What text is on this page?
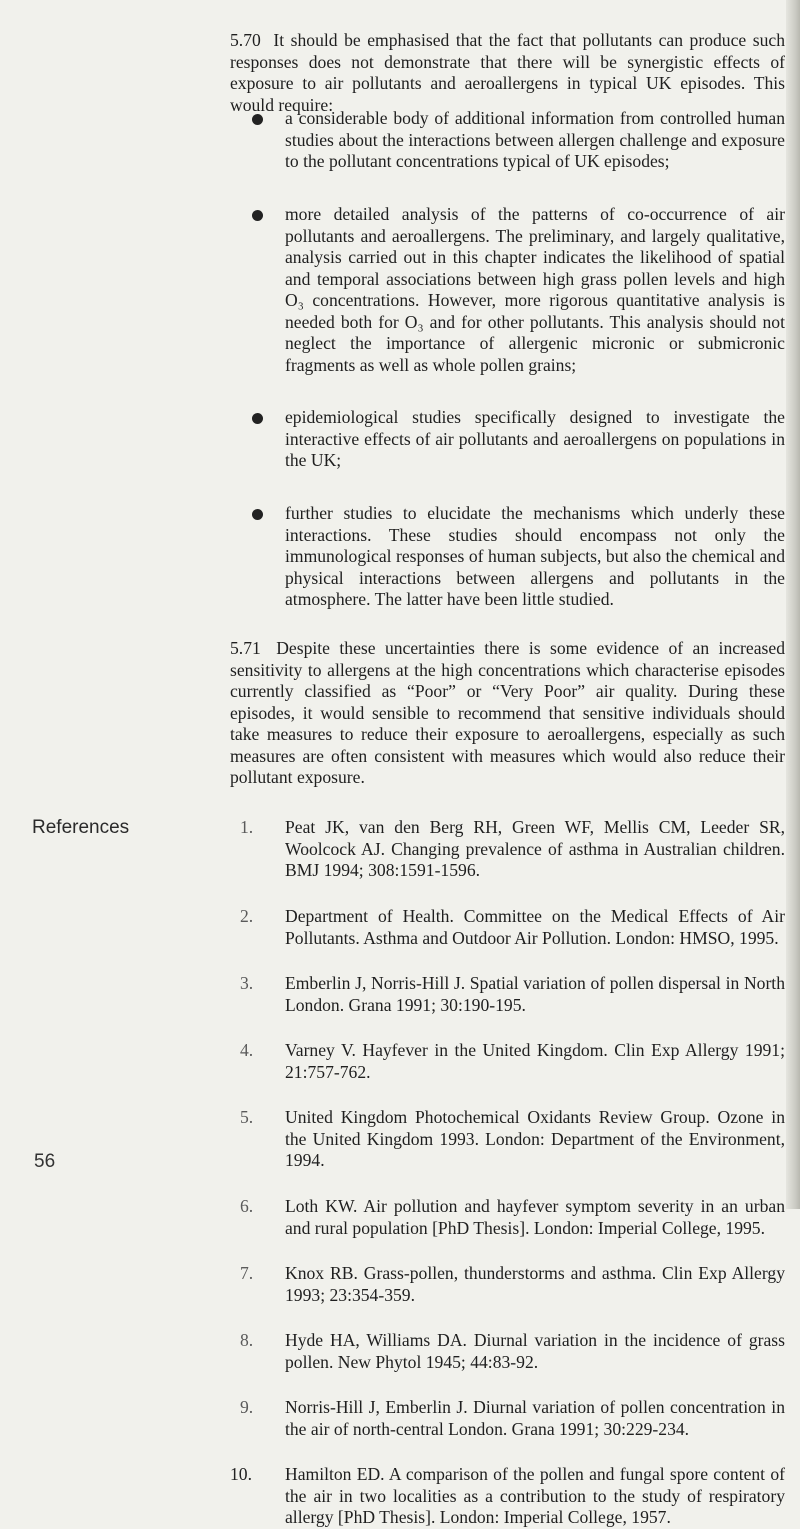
5.70 It should be emphasised that the fact that pollutants can produce such responses does not demonstrate that there will be synergistic effects of exposure to air pollutants and aeroallergens in typical UK episodes. This would require:

a considerable body of additional information from controlled human studies about the interactions between allergen challenge and exposure to the pollutant concentrations typical of UK episodes;
more detailed analysis of the patterns of co-occurrence of air pollutants and aeroallergens. The preliminary, and largely qualitative, analysis carried out in this chapter indicates the likelihood of spatial and temporal associations between high grass pollen levels and high O₃ concentrations. However, more rigorous quantitative analysis is needed both for O₃ and for other pollutants. This analysis should not neglect the importance of allergenic micronic or submicronic fragments as well as whole pollen grains;
epidemiological studies specifically designed to investigate the interactive effects of air pollutants and aeroallergens on populations in the UK;
further studies to elucidate the mechanisms which underly these interactions. These studies should encompass not only the immunological responses of human subjects, but also the chemical and physical interactions between allergens and pollutants in the atmosphere. The latter have been little studied.

5.71 Despite these uncertainties there is some evidence of an increased sensitivity to allergens at the high concentrations which characterise episodes currently classified as “Poor” or “Very Poor” air quality. During these episodes, it would sensible to recommend that sensitive individuals should take measures to reduce their exposure to aeroallergens, especially as such measures are often consistent with measures which would also reduce their pollutant exposure.

References	1.	Peat JK, van den Berg RH, Green WF, Mellis CM, Leeder SR, Woolcock AJ. Changing prevalence of asthma in Australian children. BMJ 1994; 308:1591-1596.
2.	Department of Health. Committee on the Medical Effects of Air Pollutants. Asthma and Outdoor Air Pollution. London: HMSO, 1995.
3.	Emberlin J, Norris-Hill J. Spatial variation of pollen dispersal in North London. Grana 1991; 30:190-195.
4.	Varney V. Hayfever in the United Kingdom. Clin Exp Allergy 1991; 21:757-762.
5.	United Kingdom Photochemical Oxidants Review Group. Ozone in the United Kingdom 1993. London: Department of the Environment, 1994.
6.	Loth KW. Air pollution and hayfever symptom severity in an urban and rural population [PhD Thesis]. London: Imperial College, 1995.
7.	Knox RB. Grass-pollen, thunderstorms and asthma. Clin Exp Allergy 1993; 23:354-359.
8.	Hyde HA, Williams DA. Diurnal variation in the incidence of grass pollen. New Phytol 1945; 44:83-92.
9.	Norris-Hill J, Emberlin J. Diurnal variation of pollen concentration in the air of north-central London. Grana 1991; 30:229-234.
10.	Hamilton ED. A comparison of the pollen and fungal spore content of the air in two localities as a contribution to the study of respiratory allergy [PhD Thesis]. London: Imperial College, 1957.
56
